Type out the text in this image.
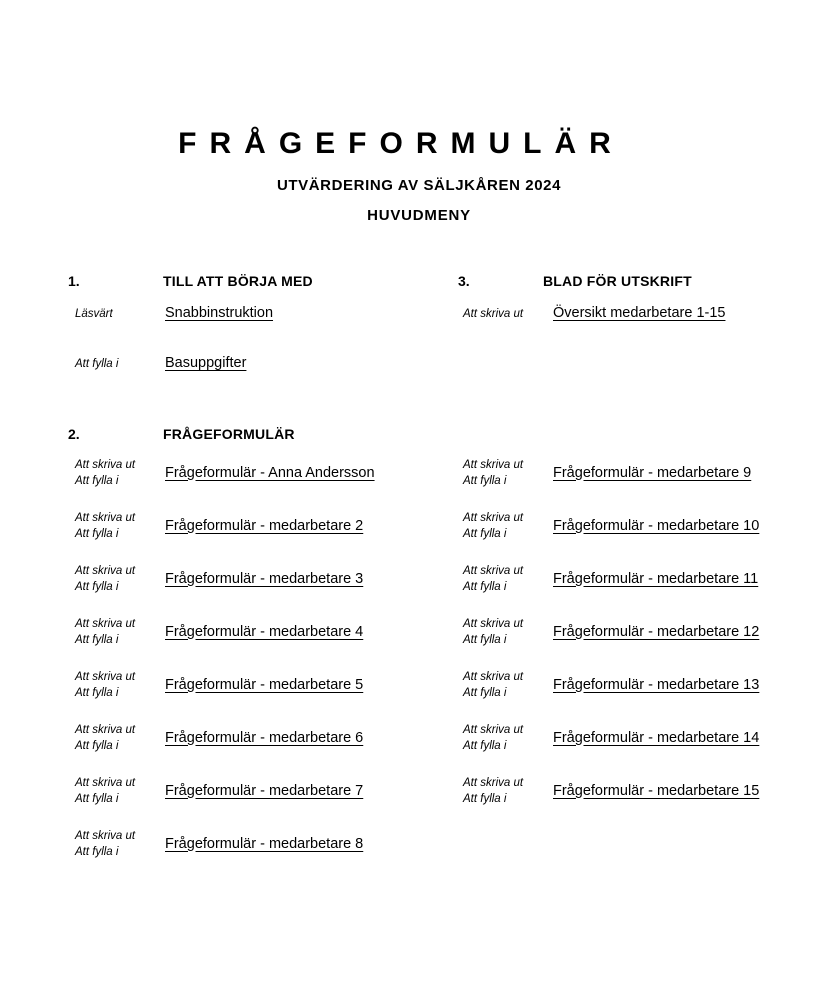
FRÅGEFORMULÄR
UTVÄRDERING AV SÄLJKÅREN 2024
HUVUDMENY
1.	TILL ATT BÖRJA MED
Läsvärt	Snabbinstruktion
Att fylla i	Basuppgifter
3.	BLAD FÖR UTSKRIFT
Att skriva ut	Översikt medarbetare 1-15
2.	FRÅGEFORMULÄR
Att skriva ut
Att fylla i	Frågeformulär - Anna Andersson
Att skriva ut
Att fylla i	Frågeformulär - medarbetare 2
Att skriva ut
Att fylla i	Frågeformulär - medarbetare 3
Att skriva ut
Att fylla i	Frågeformulär - medarbetare 4
Att skriva ut
Att fylla i	Frågeformulär - medarbetare 5
Att skriva ut
Att fylla i	Frågeformulär - medarbetare 6
Att skriva ut
Att fylla i	Frågeformulär - medarbetare 7
Att skriva ut
Att fylla i	Frågeformulär - medarbetare 8
Att skriva ut
Att fylla i	Frågeformulär - medarbetare 9
Att skriva ut
Att fylla i	Frågeformulär - medarbetare 10
Att skriva ut
Att fylla i	Frågeformulär - medarbetare 11
Att skriva ut
Att fylla i	Frågeformulär - medarbetare 12
Att skriva ut
Att fylla i	Frågeformulär - medarbetare 13
Att skriva ut
Att fylla i	Frågeformulär - medarbetare 14
Att skriva ut
Att fylla i	Frågeformulär - medarbetare 15
